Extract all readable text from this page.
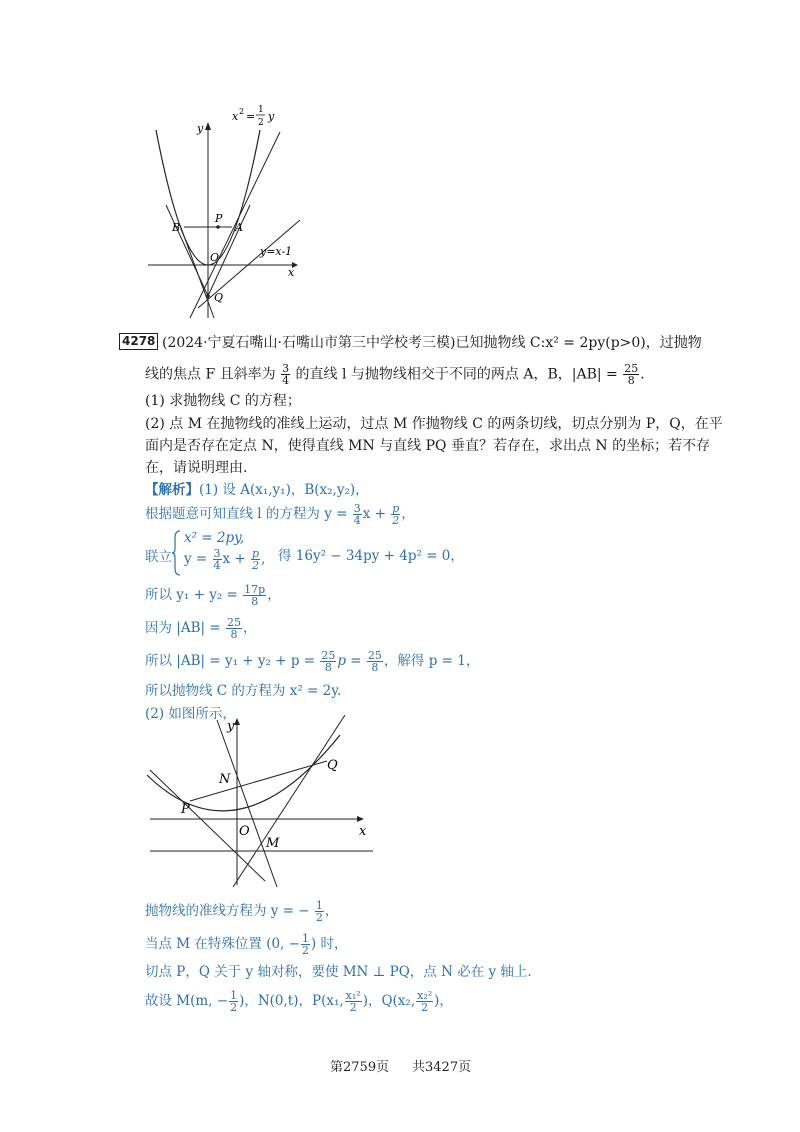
x 2 = 1
2 y
y
x
P
A
B
O
Q
y=x-1
4278 (2024·宁夏石嘴山·石嘴山市第三中学校考三模)已知抛物线 C:x² = 2py(p>0)，过抛物
线的焦点 F 且斜率为 $\frac{3}{4}$ 的直线 l 与抛物线相交于不同的两点 A，B，$|AB| = \frac{25}{8}$ .
(1) 求抛物线 C 的方程；
(2) 点 M 在抛物线的准线上运动，过点 M 作抛物线 C 的两条切线，切点分别为 P，Q，在平
面内是否存在定点 N，使得直线 MN 与直线 PQ 垂直？若存在，求出点 N 的坐标；若不存
在，请说明理由.
【解析】(1) 设 A(x₁,y₁)，B(x₂,y₂)，
根据题意可知直线 l 的方程为 $y = \frac{3}{4}$ $x + \frac{p}{2}$ ，
联立
x² = 2py,
$y = \frac{3}{4}$ $x + \frac{p}{2}$ , 得 16y² − 34py + 4p² = 0，
所以 $y_1 + y_2 = \frac{17p}{8}$ ，
因为 $|AB| = \frac{25}{8}$ ，
所以 $|AB| = y_1 + y_2 + p = \frac{25}{8}$ $p = \frac{25}{8}$ ，解得 p = 1，
所以抛物线 C 的方程为 x² = 2y.
(2) 如图所示，
y
x
N
Q
P
O
M
抛物线的准线方程为 y = − $\frac{1}{2}$ ，
当点 M 在特殊位置 (0, − $\frac{1}{2}$ ) 时，
切点 P，Q 关于 y 轴对称，要使 MN ⊥ PQ，点 N 必在 y 轴上.
故设 M(m, − $\frac{1}{2}$ )，N(0,t)，P(x₁, $\frac{\text{x₁²}}{2}$ )，Q(x₂, $\frac{\text{x₂²}}{2}$ )，
第2759页 共3427页
